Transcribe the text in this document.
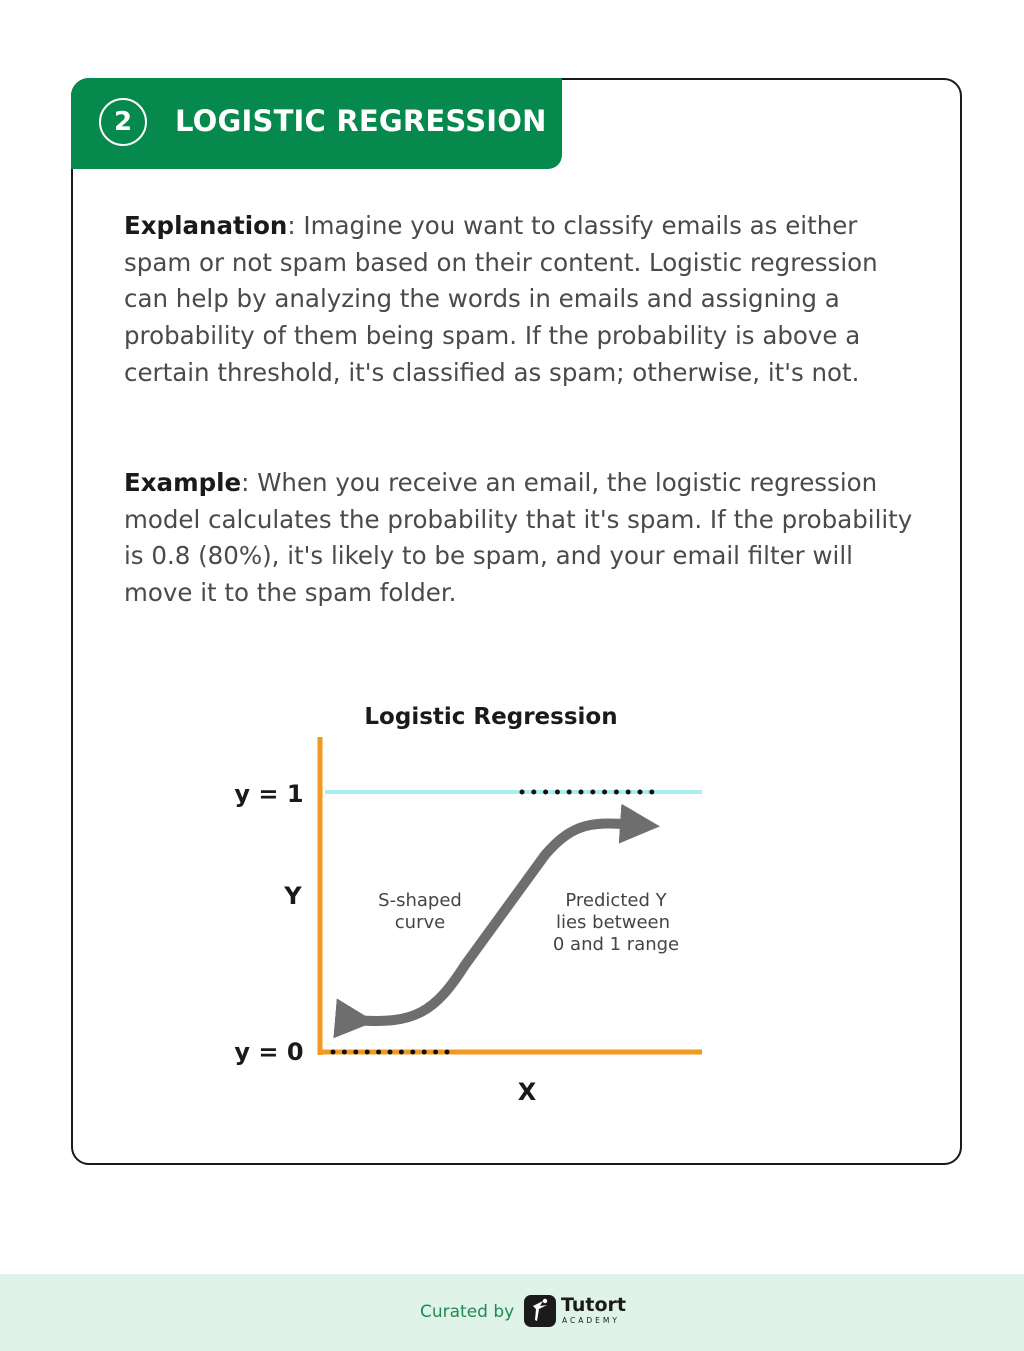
2	LOGISTIC REGRESSION

Explanation: Imagine you want to classify emails as either spam or not spam based on their content. Logistic regression can help by analyzing the words in emails and assigning a probability of them being spam. If the probability is above a certain threshold, it's classified as spam; otherwise, it's not.

Example: When you receive an email, the logistic regression model calculates the probability that it's spam. If the probability is 0.8 (80%), it's likely to be spam, and your email filter will move it to the spam folder.

Logistic Regression
y = 1
Y
y = 0
X
S-shaped
curve
Predicted Y
lies between
0 and 1 range
Curated by Tutort
ACADEMY
